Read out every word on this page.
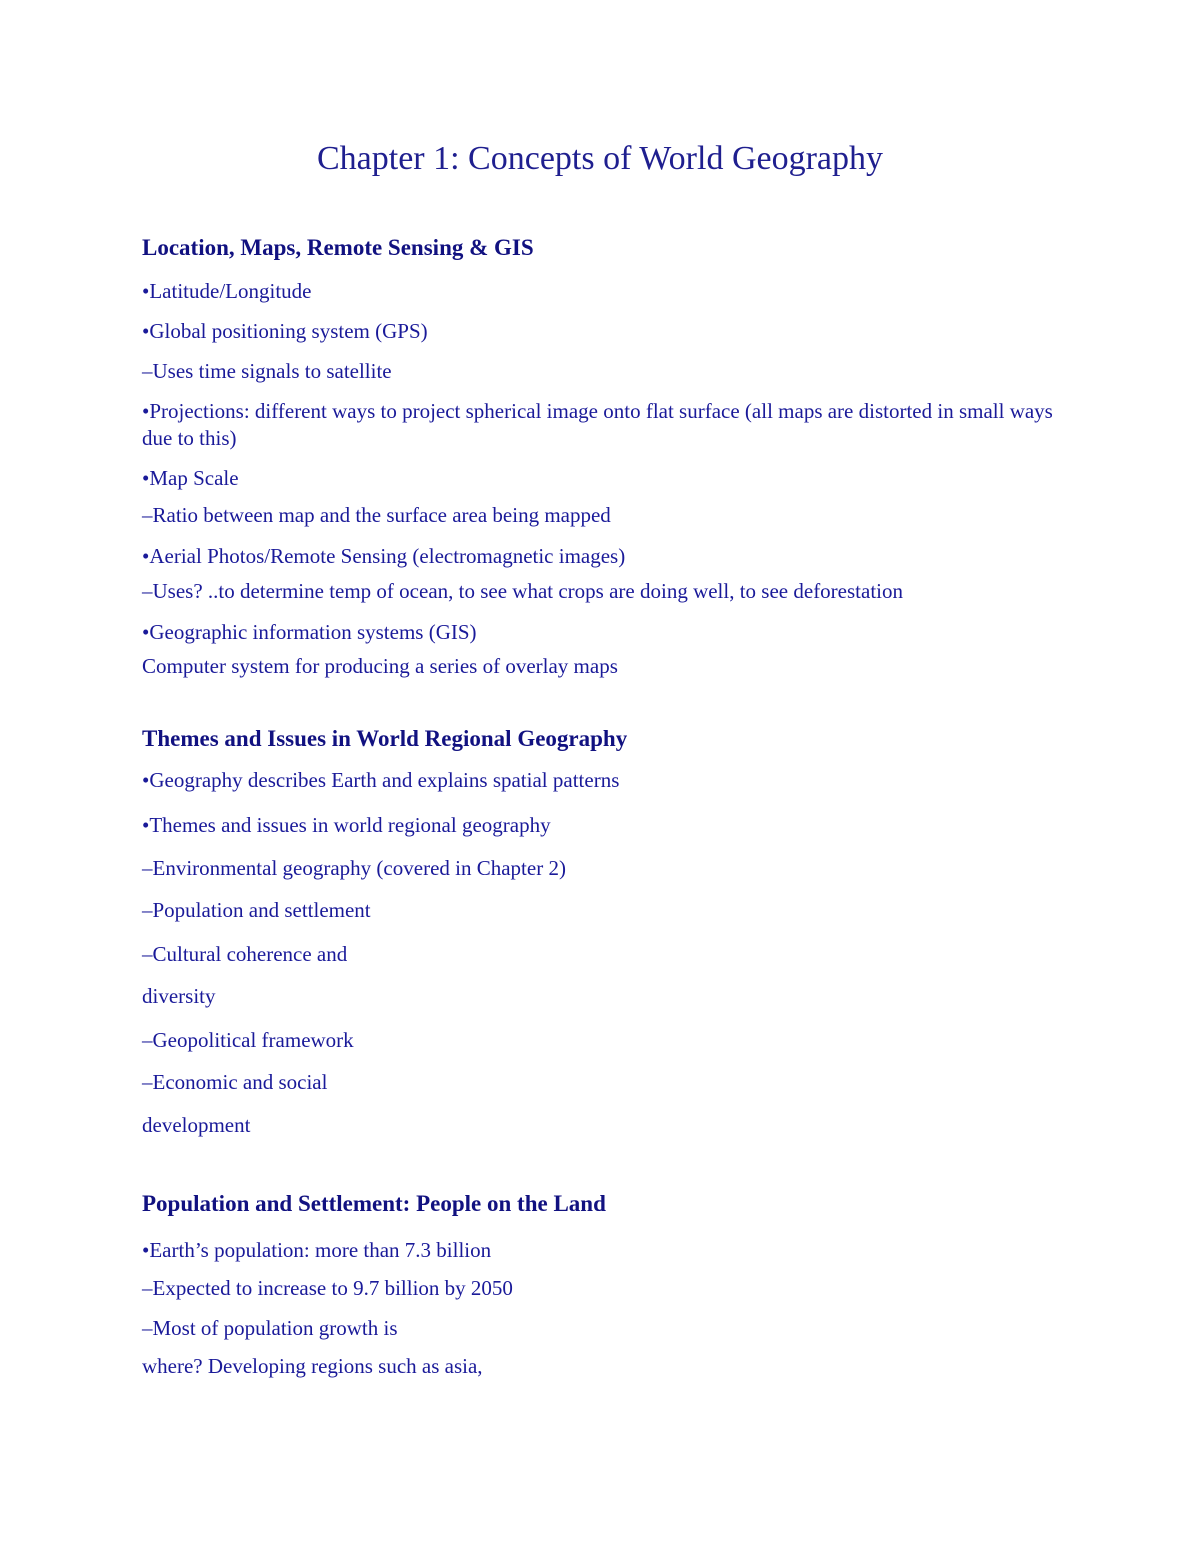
Chapter 1: Concepts of World Geography
Location, Maps, Remote Sensing & GIS
•Latitude/Longitude
•Global positioning system (GPS)
–Uses time signals to satellite
•Projections: different ways to project spherical image onto flat surface (all maps are distorted in small ways due to this)
•Map Scale
–Ratio between map and the surface area being mapped
•Aerial Photos/Remote Sensing (electromagnetic images)
–Uses? ..to determine temp of ocean, to see what crops are doing well, to see deforestation
•Geographic information systems (GIS)
Computer system for producing a series of overlay maps
Themes and Issues in World Regional Geography
•Geography describes Earth and explains spatial patterns
•Themes and issues in world regional geography
–Environmental geography (covered in Chapter 2)
–Population and settlement
–Cultural coherence and
diversity
–Geopolitical framework
–Economic and social
development
Population and Settlement: People on the Land
•Earth’s population: more than 7.3 billion
–Expected to increase to 9.7 billion by 2050
–Most of population growth is
where? Developing regions such as asia,
